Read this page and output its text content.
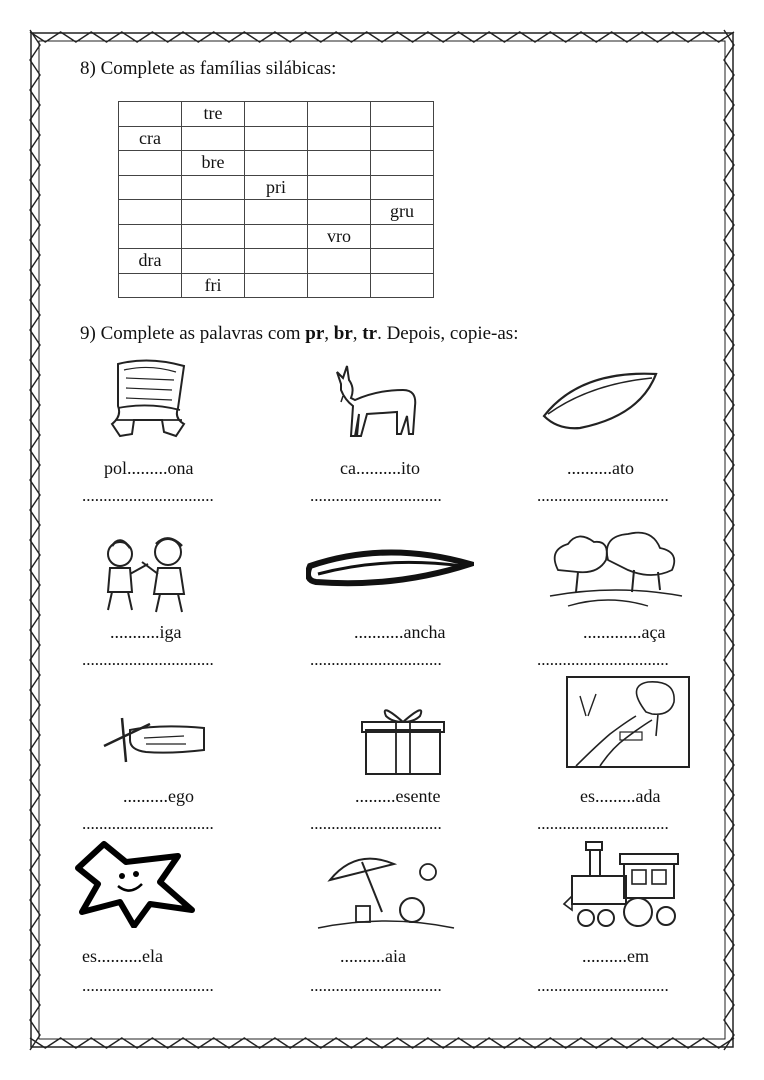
8) Complete as famílias silábicas:
	tre			
cra				
	bre			
		pri		
				gru
			vro	
dra				
	fri			
9) Complete as palavras com pr, br, tr. Depois, copie-as:
pol.........ona
...............................
ca..........ito
...............................
..........ato
...............................
...........iga
...............................
...........ancha
...............................
.............aça
...............................
..........ego
...............................
.........esente
...............................
es.........ada
...............................
es..........ela
...............................
..........aia
...............................
..........em
...............................
